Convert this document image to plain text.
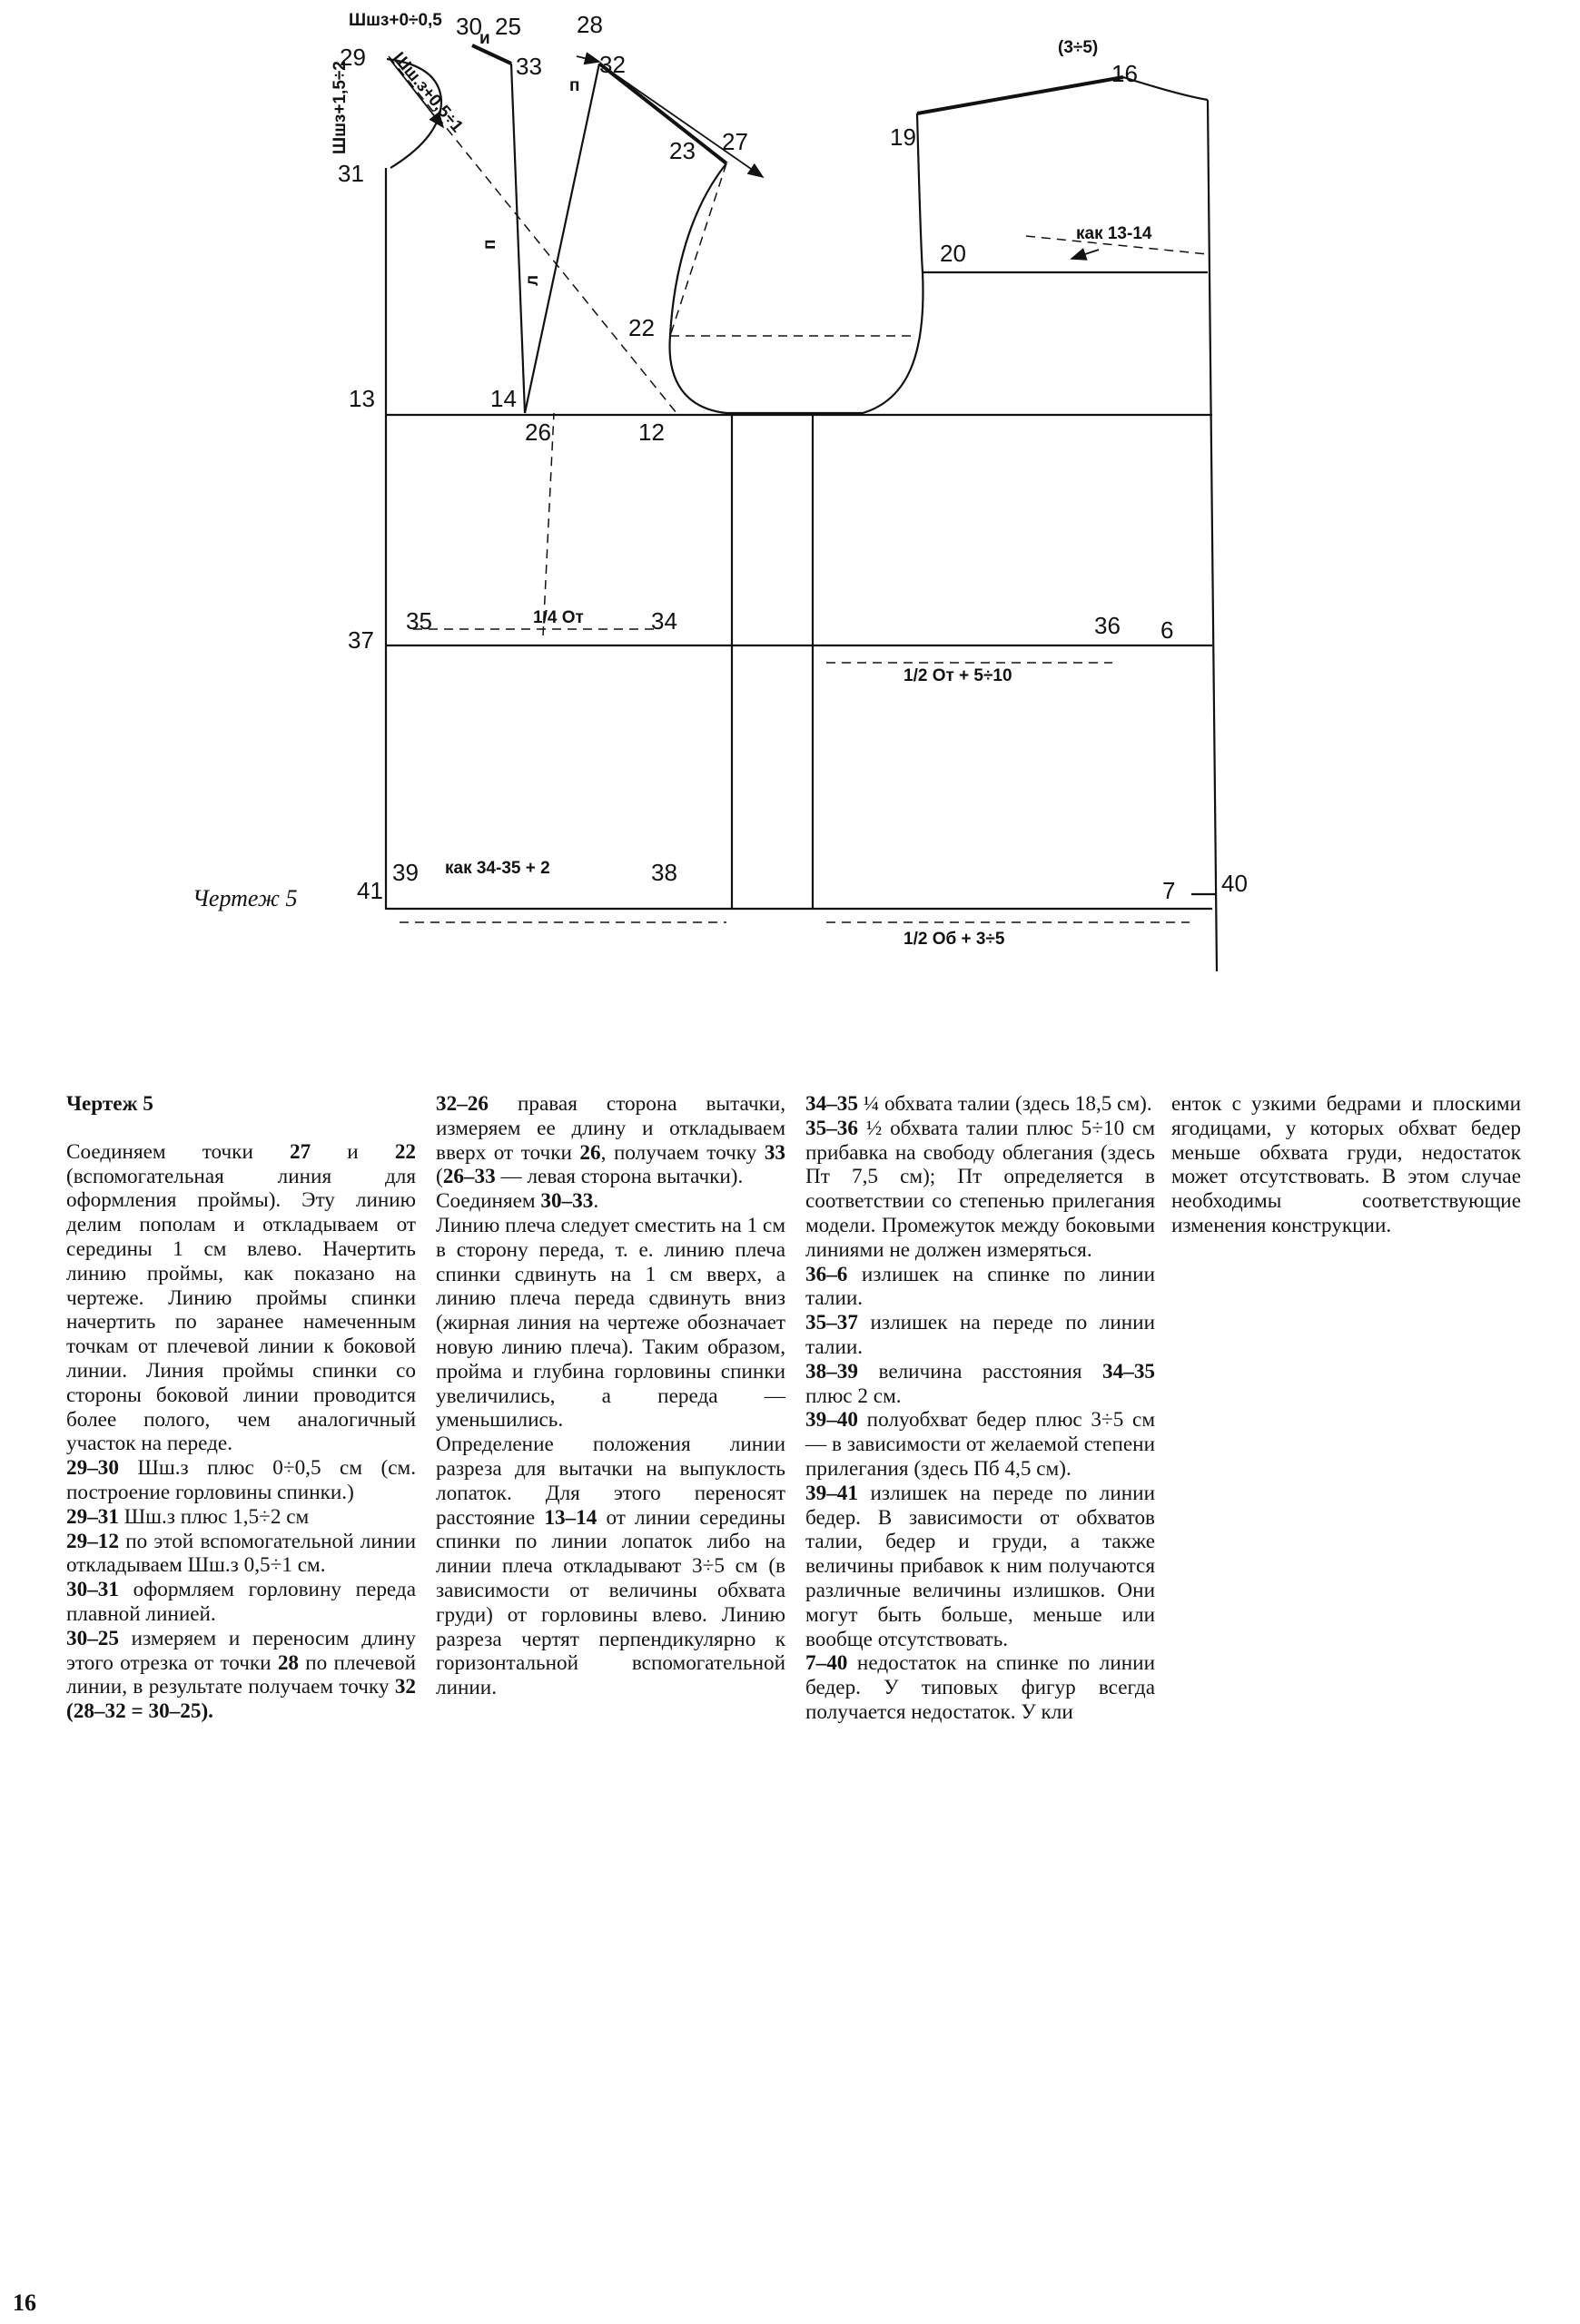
29
30
и 25 28
32
33
31
23 27
22
13	14
26	12
37
35	34	36 6
41
39	38
7 40
16
19
20
Шшз+0÷0,5
Шшз+1,5÷2 Шш.з+0,5÷1
(3÷5)
как 13-14
1/4 От
1/2 От + 5÷10
как 34-35 + 2
1/2 Об + 3÷5
п
п
л
Чертеж 5

Чертеж 5

Соединяем точки 27 и 22 (вспомогательная линия для оформления проймы). Эту линию делим пополам и откладываем от середины 1 см влево. Начертить линию проймы, как показано на чертеже. Линию проймы спинки начертить по заранее намеченным точкам от плечевой линии к боковой линии. Линия проймы спинки со стороны боковой линии проводится более полого, чем аналогичный участок на переде.

29–30 Шш.з плюс 0÷0,5 см (см. построение горловины спинки.)

29–31 Шш.з плюс 1,5÷2 см

29–12 по этой вспомогательной линии откладываем Шш.з 0,5÷1 см.

30–31 оформляем горловину переда плавной линией.

30–25 измеряем и переносим длину этого отрезка от точки 28 по плечевой линии, в результате получаем точку 32 (28–32 = 30–25).

32–26 правая сторона вытачки, измеряем ее длину и откладываем вверх от точки 26, получаем точку 33 (26–33 — левая сторона вытачки).

Соединяем 30–33.

Линию плеча следует сместить на 1 см в сторону переда, т. е. линию плеча спинки сдвинуть на 1 см вверх, а линию плеча переда сдвинуть вниз (жирная линия на чертеже обозначает новую линию плеча). Таким образом, пройма и глубина горловины спинки увеличились, а переда — уменьшились.

Определение положения линии разреза для вытачки на выпуклость лопаток. Для этого переносят расстояние 13–14 от линии середины спинки по линии лопаток либо на линии плеча откладывают 3÷5 см (в зависимости от величины обхвата груди) от горловины влево. Линию разреза чертят перпендикулярно к горизонтальной вспомогательной линии.

34–35 ¼ обхвата талии (здесь 18,5 см).

35–36 ½ обхвата талии плюс 5÷10 см прибавка на свободу облегания (здесь Пт 7,5 см); Пт определяется в соответствии со степенью прилегания модели. Промежуток между боковыми линиями не должен измеряться.

36–6 излишек на спинке по линии талии.

35–37 излишек на переде по линии талии.

38–39 величина расстояния 34–35 плюс 2 см.

39–40 полуобхват бедер плюс 3÷5 см — в зависимости от желаемой степени прилегания (здесь Пб 4,5 см).

39–41 излишек на переде по линии бедер. В зависимости от обхватов талии, бедер и груди, а также величины прибавок к ним получаются различные величины излишков. Они могут быть больше, меньше или вообще отсутствовать.

7–40 недостаток на спинке по линии бедер. У типовых фигур всегда получается недостаток. У кли

енток с узкими бедрами и плоскими ягодицами, у которых обхват бедер меньше обхвата груди, недостаток может отсутствовать. В этом случае необходимы соответствующие изменения конструкции.

16
